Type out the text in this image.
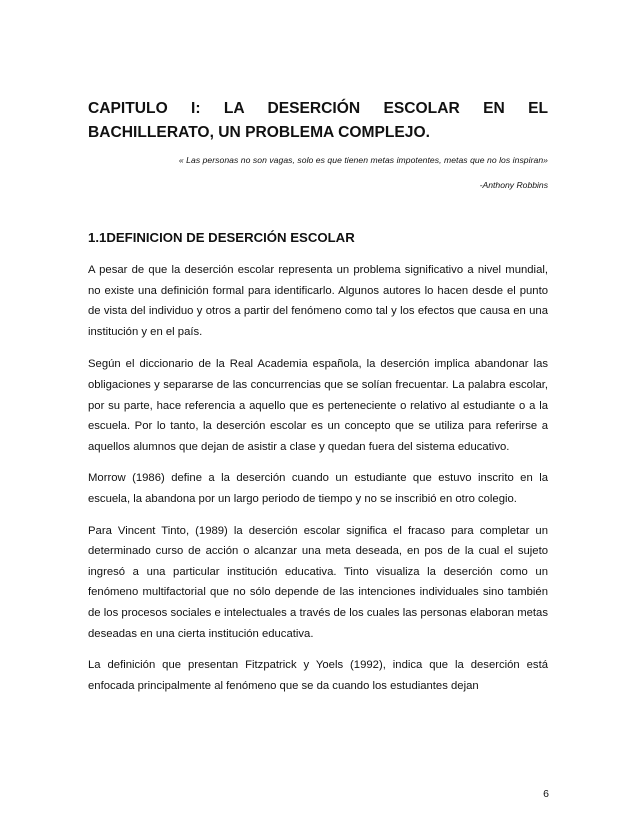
CAPITULO I: LA DESERCIÓN ESCOLAR EN EL BACHILLERATO, UN PROBLEMA COMPLEJO.

« Las personas no son vagas, solo es que tienen metas impotentes, metas que no los inspiran»

-Anthony Robbins

1.1DEFINICION DE DESERCIÓN ESCOLAR

A pesar de que la deserción escolar representa un problema significativo a nivel mundial, no existe una definición formal para identificarlo. Algunos autores lo hacen desde el punto de vista del individuo y otros a partir del fenómeno como tal y los efectos que causa en una institución y en el país.

Según el diccionario de la Real Academia española, la deserción implica abandonar las obligaciones y separarse de las concurrencias que se solían frecuentar. La palabra escolar, por su parte, hace referencia a aquello que es perteneciente o relativo al estudiante o a la escuela. Por lo tanto, la deserción escolar es un concepto que se utiliza para referirse a aquellos alumnos que dejan de asistir a clase y quedan fuera del sistema educativo.

Morrow (1986) define a la deserción cuando un estudiante que estuvo inscrito en la escuela, la abandona por un largo periodo de tiempo y no se inscribió en otro colegio.

Para Vincent Tinto, (1989) la deserción escolar significa el fracaso para completar un determinado curso de acción o alcanzar una meta deseada, en pos de la cual el sujeto ingresó a una particular institución educativa. Tinto visualiza la deserción como un fenómeno multifactorial que no sólo depende de las intenciones individuales sino también de los procesos sociales e intelectuales a través de los cuales las personas elaboran metas deseadas en una cierta institución educativa.

La definición que presentan Fitzpatrick y Yoels (1992), indica que la deserción está enfocada principalmente al fenómeno que se da cuando los estudiantes dejan

6
